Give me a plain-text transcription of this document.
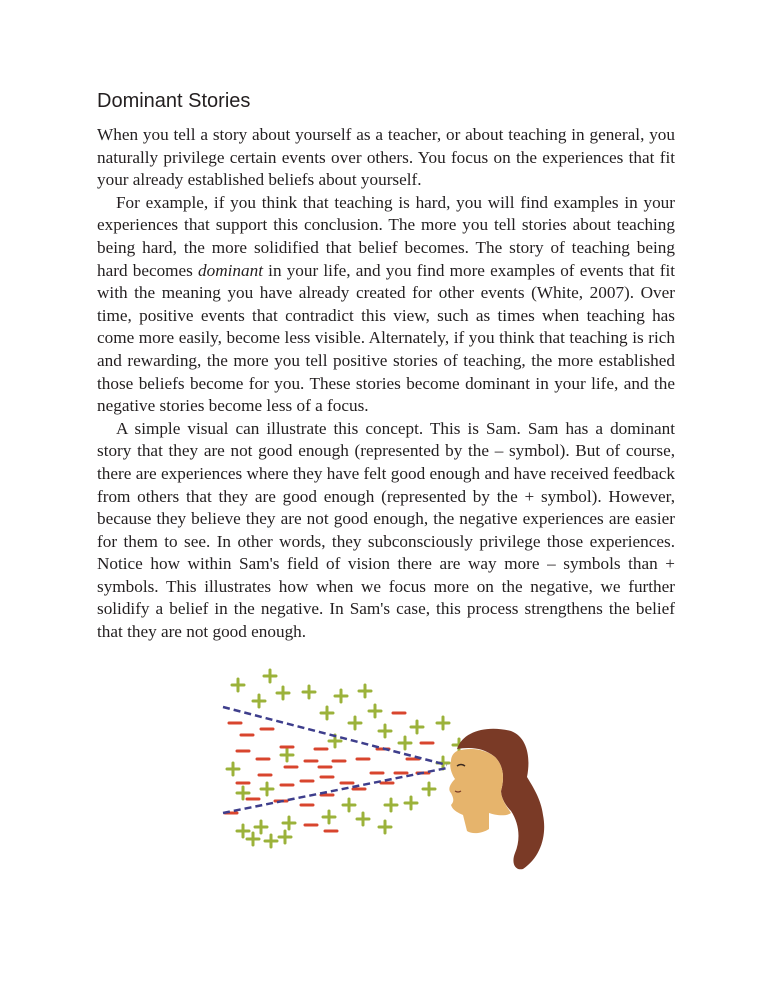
Dominant Stories

When you tell a story about yourself as a teacher, or about teaching in general, you naturally privilege certain events over others. You focus on the experiences that fit your already established beliefs about yourself.

For example, if you think that teaching is hard, you will find examples in your experiences that support this conclusion. The more you tell stories about teaching being hard, the more solidified that belief becomes. The story of teaching being hard becomes dominant in your life, and you find more examples of events that fit with the meaning you have already created for other events (White, 2007). Over time, positive events that contradict this view, such as times when teaching has come more easily, become less visible. Alternately, if you think that teaching is rich and rewarding, the more you tell positive stories of teaching, the more established those beliefs become for you. These stories become dominant in your life, and the negative stories become less of a focus.

A simple visual can illustrate this concept. This is Sam. Sam has a dominant story that they are not good enough (represented by the – symbol). But of course, there are experiences where they have felt good enough and have received feedback from others that they are good enough (represented by the + symbol). However, because they believe they are not good enough, the negative experiences are easier for them to see. In other words, they subconsciously privilege those experiences. Notice how within Sam's field of vision there are way more – symbols than + symbols. This illustrates how when we focus more on the negative, we further solidify a belief in the negative. In Sam's case, this process strengthens the belief that they are not good enough.
